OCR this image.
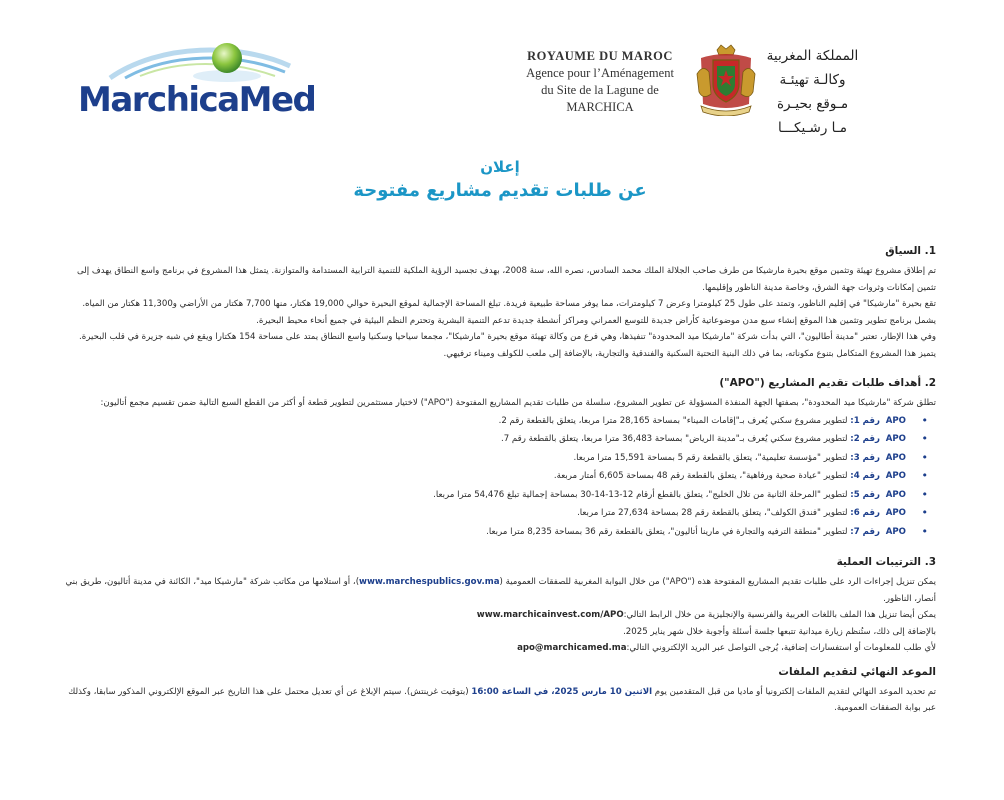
MarchicaMed
ROYAUME DU MAROC
Agence pour l’Aménagement
du Site de la Lagune de
MARCHICA
المملكة المغربية
وكالـة تهيئـة مـوقع بحيـرة
مـا رشـيكـــا
إعلان
عن طلبات تقديم مشاريع مفتوحة
1. السياق

تم إطلاق مشروع تهيئة وتثمين موقع بحيرة مارشيكا من طرف صاحب الجلالة الملك محمد السادس، نصره الله، سنة 2008، بهدف تجسيد الرؤية الملكية للتنمية الترابية المستدامة والمتوازنة. يتمثل هذا المشروع في برنامج واسع النطاق يهدف إلى تثمين إمكانات وثروات جهة الشرق، وخاصة مدينة الناظور وإقليمها.

تقع بحيرة "مارشيكا" في إقليم الناظور، وتمتد على طول 25 كيلومترا وعرض 7 كيلومترات، مما يوفر مساحة طبيعية فريدة. تبلغ المساحة الإجمالية لموقع البحيرة حوالي 19,000 هكتار، منها 7,700 هكتار من الأراضي و11,300 هكتار من المياه.

يشمل برنامج تطوير وتثمين هذا الموقع إنشاء سبع مدن موضوعاتية كأراض جديدة للتوسع العمراني ومراكز أنشطة جديدة تدعم التنمية البشرية وتحترم النظم البيئية في جميع أنحاء محيط البحيرة.

وفي هذا الإطار، تعتبر "مدينة أطاليون"، التي بدأت شركة "مارشيكا ميد المحدودة" تنفيذها، وهي فرع من وكالة تهيئة موقع بحيرة "مارشيكا"، مجمعا سياحيا وسكنيا واسع النطاق يمتد على مساحة 154 هكتارا ويقع في شبه جزيرة في قلب البحيرة. يتميز هذا المشروع المتكامل بتنوع مكوناته، بما في ذلك البنية التحتية السكنية والفندقية والتجارية، بالإضافة إلى ملعب للكولف وميناء ترفيهي.

2. أهداف طلبات تقديم المشاريع ("APO")

تطلق شركة "مارشيكا ميد المحدودة"، بصفتها الجهة المنفذة المسؤولة عن تطوير المشروع، سلسلة من طلبات تقديم المشاريع المفتوحة ("APO") لاختيار مستثمرين لتطوير قطعة أو أكثر من القطع السبع التالية ضمن تقسيم مجمع أتاليون:

• APO رقم 1: لتطوير مشروع سكني يُعرف بـ"إقامات الميناء" بمساحة 28,165 مترا مربعا، يتعلق بالقطعة رقم 2.
• APO رقم 2: لتطوير مشروع سكني يُعرف بـ"مدينة الرياض" بمساحة 36,483 مترا مربعا، يتعلق بالقطعة رقم 7.
• APO رقم 3: لتطوير "مؤسسة تعليمية"، يتعلق بالقطعة رقم 5 بمساحة 15,591 مترا مربعا.
• APO رقم 4: لتطوير "عيادة صحية ورفاهية"، يتعلق بالقطعة رقم 48 بمساحة 6,605 أمتار مربعة.
• APO رقم 5: لتطوير "المرحلة الثانية من تلال الخليج"، يتعلق بالقطع أرقام 12-13-14-30 بمساحة إجمالية تبلغ 54,476 مترا مربعا.
• APO رقم 6: لتطوير "فندق الكولف"، يتعلق بالقطعة رقم 28 بمساحة 27,634 مترا مربعا.
• APO رقم 7: لتطوير "منطقة الترفيه والتجارة في مارينا أتاليون"، يتعلق بالقطعة رقم 36 بمساحة 8,235 مترا مربعا.
3. الترتيبات العملية

يمكن تنزيل إجراءات الرد على طلبات تقديم المشاريع المفتوحة هذه ("APO") من خلال البوابة المغربية للصفقات العمومية (www.marchespublics.gov.ma)، أو استلامها من مكاتب شركة "مارشيكا ميد"، الكائنة في مدينة أتاليون، طريق بني أنصار، الناظور.

يمكن أيضا تنزيل هذا الملف باللغات العربية والفرنسية والإنجليزية من خلال الرابط التالي:www.marchicainvest.com/APO

بالإضافة إلى ذلك، ستُنظم زيارة ميدانية تتبعها جلسة أسئلة وأجوبة خلال شهر يناير 2025.

لأي طلب للمعلومات أو استفسارات إضافية، يُرجى التواصل عبر البريد الإلكتروني التالي:apo@marchicamed.ma

الموعد النهائي لتقديم الملفات

تم تحديد الموعد النهائي لتقديم الملفات إلكترونيا أو ماديا من قبل المتقدمين يوم الاثنين 10 مارس 2025، في الساعة 16:00 (بتوقيت غرينتش). سيتم الإبلاغ عن أي تعديل محتمل على هذا التاريخ عبر الموقع الإلكتروني المذكور سابقا، وكذلك عبر بوابة الصفقات العمومية.
